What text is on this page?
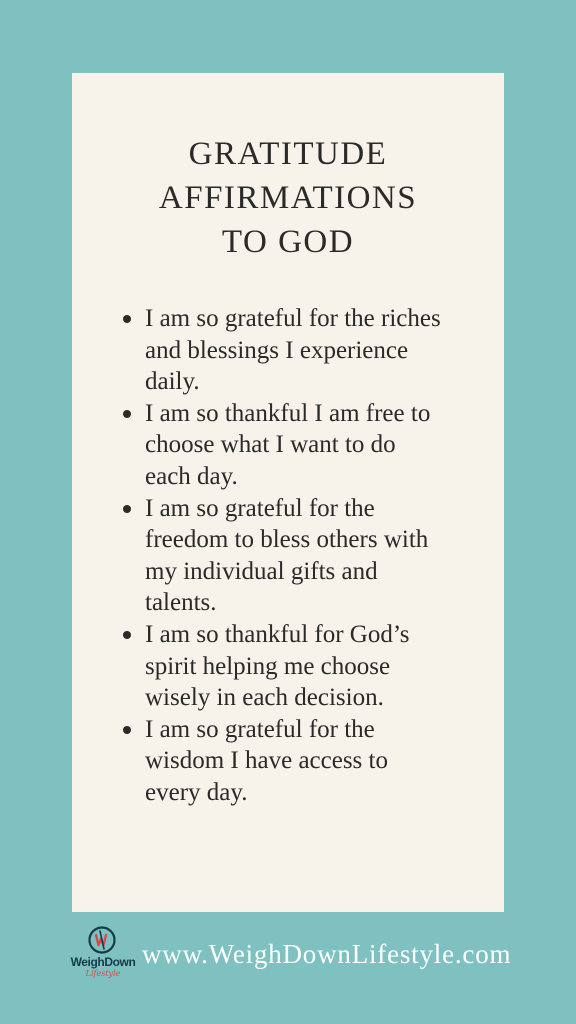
GRATITUDE
AFFIRMATIONS
TO GOD
I am so grateful for the riches
and blessings I experience
daily.
I am so thankful I am free to
choose what I want to do
each day.
I am so grateful for the
freedom to bless others with
my individual gifts and
talents.
I am so thankful for God’s
spirit helping me choose
wisely in each decision.
I am so grateful for the
wisdom I have access to
every day.
WeighDown
Lifestyle
www.WeighDownLifestyle.com
